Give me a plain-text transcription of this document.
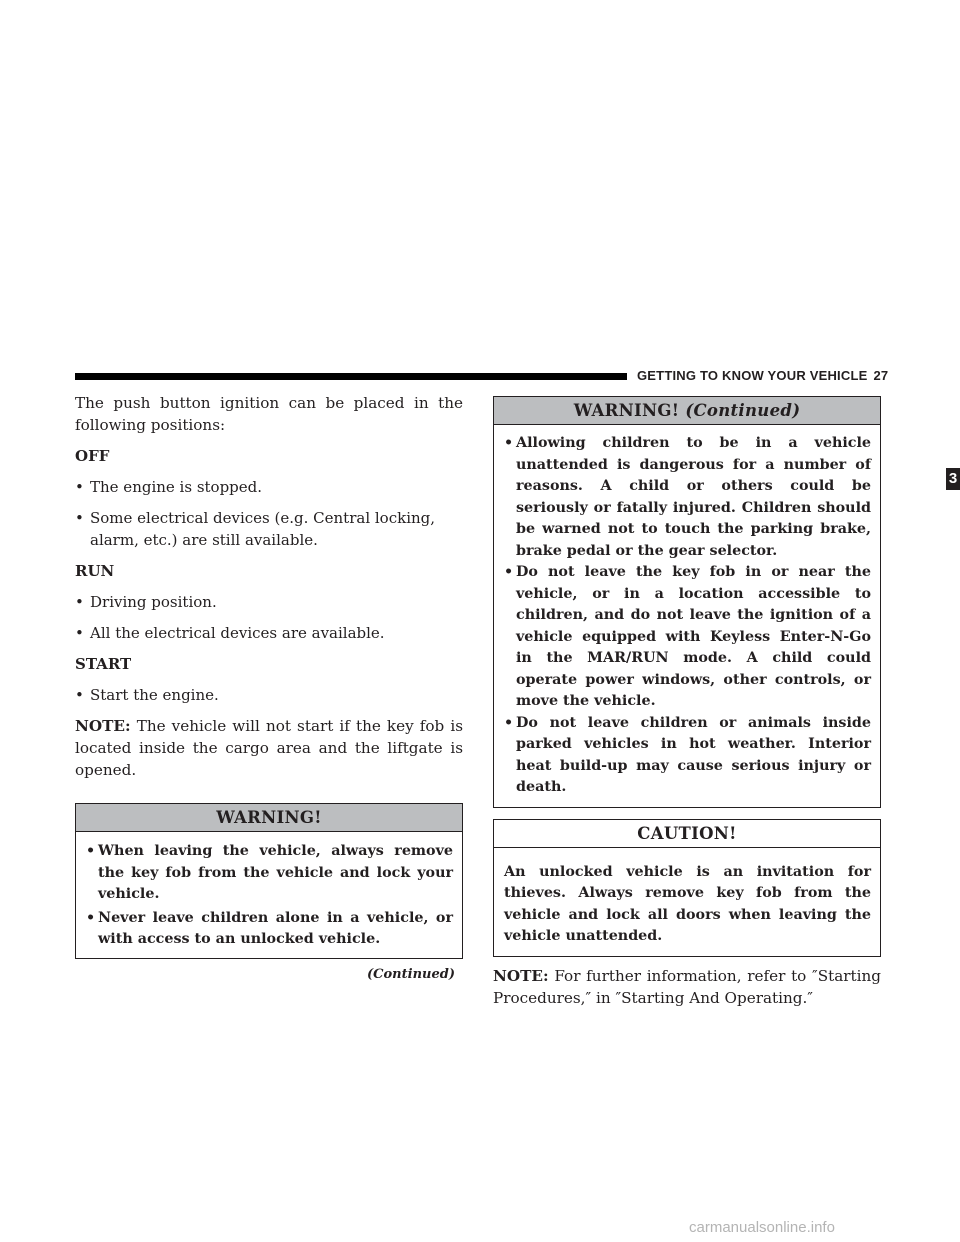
GETTING TO KNOW YOUR VEHICLE 27
3

The push button ignition can be placed in the following positions:

OFF
• The engine is stopped.
• Some electrical devices (e.g. Central locking, alarm, etc.) are still available.
RUN
• Driving position.
• All the electrical devices are available.
START
• Start the engine.

NOTE: The vehicle will not start if the key fob is located inside the cargo area and the liftgate is opened.

WARNING!
• When leaving the vehicle, always remove the key fob from the vehicle and lock your vehicle.
• Never leave children alone in a vehicle, or with access to an unlocked vehicle.
(Continued)
WARNING! (Continued)
• Allowing children to be in a vehicle unattended is dangerous for a number of reasons. A child or others could be seriously or fatally injured. Children should be warned not to touch the parking brake, brake pedal or the gear selector.
• Do not leave the key fob in or near the vehicle, or in a location accessible to children, and do not leave the ignition of a vehicle equipped with Keyless Enter-N-Go in the MAR/RUN mode. A child could operate power windows, other controls, or move the vehicle.
• Do not leave children or animals inside parked vehicles in hot weather. Interior heat build-up may cause serious injury or death.
CAUTION!
An unlocked vehicle is an invitation for thieves. Always remove key fob from the vehicle and lock all doors when leaving the vehicle unattended.

NOTE: For further information, refer to ″Starting Procedures,″ in ″Starting And Operating.″

carmanualsonline.info
